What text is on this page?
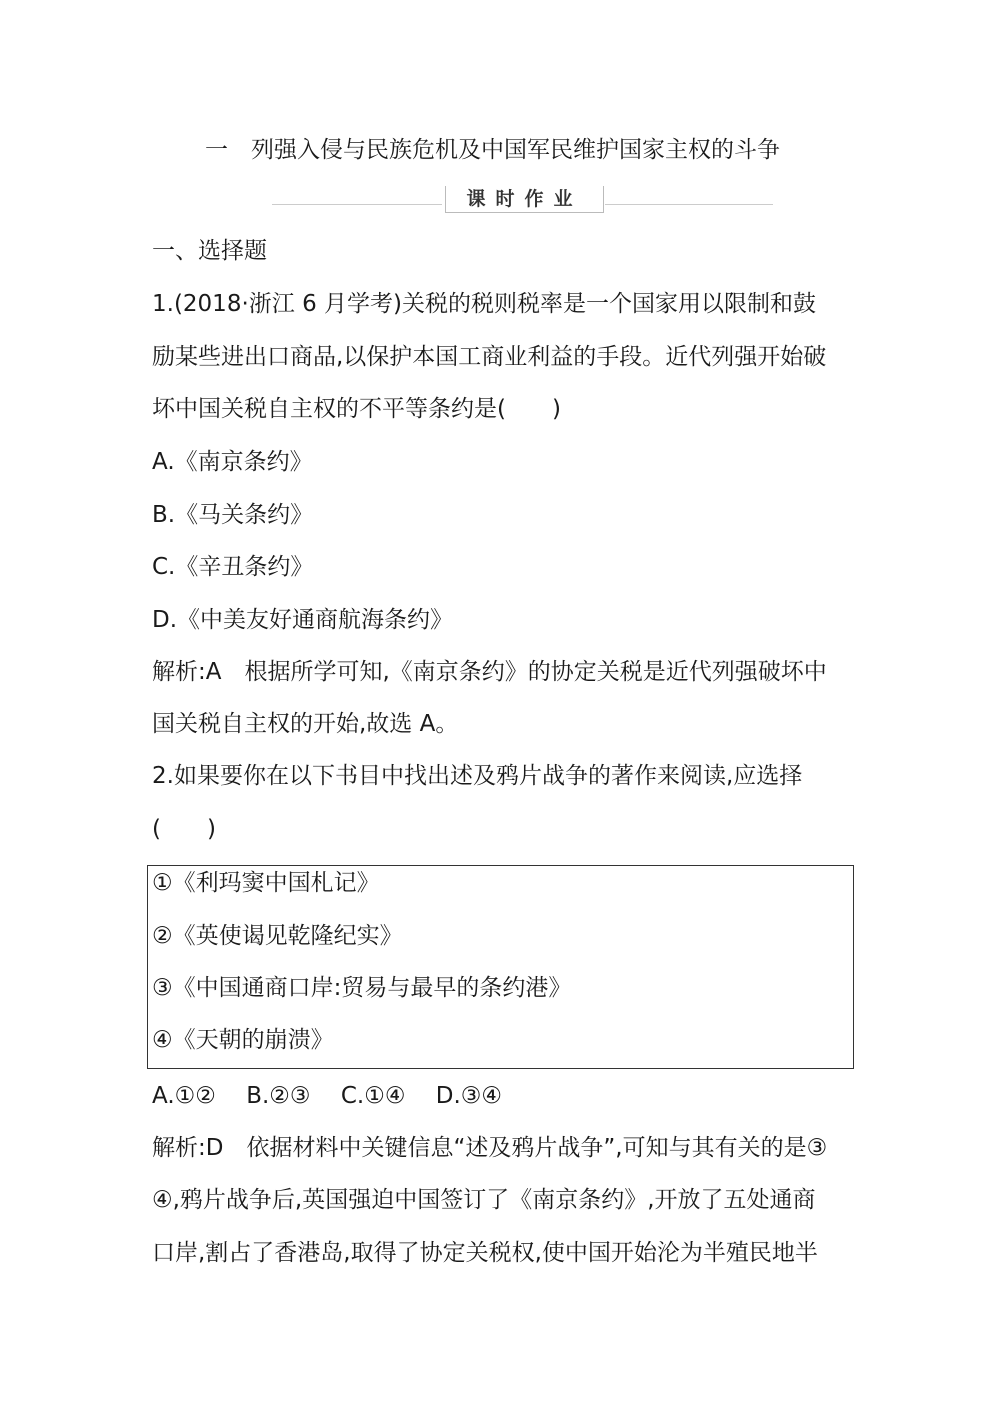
一　列强入侵与民族危机及中国军民维护国家主权的斗争
课时作业
一、选择题
1.(2018·浙江 6 月学考)关税的税则税率是一个国家用以限制和鼓
励某些进出口商品,以保护本国工商业利益的手段。近代列强开始破
坏中国关税自主权的不平等条约是(　　)
A.《南京条约》
B.《马关条约》
C.《辛丑条约》
D.《中美友好通商航海条约》
解析:A　根据所学可知,《南京条约》的协定关税是近代列强破坏中
国关税自主权的开始,故选 A。
2.如果要你在以下书目中找出述及鸦片战争的著作来阅读,应选择
(　　)
①《利玛窦中国札记》
②《英使谒见乾隆纪实》
③《中国通商口岸:贸易与最早的条约港》
④《天朝的崩溃》
A.①②　 B.②③　 C.①④　 D.③④
解析:D　依据材料中关键信息“述及鸦片战争”,可知与其有关的是③
④,鸦片战争后,英国强迫中国签订了《南京条约》,开放了五处通商
口岸,割占了香港岛,取得了协定关税权,使中国开始沦为半殖民地半
